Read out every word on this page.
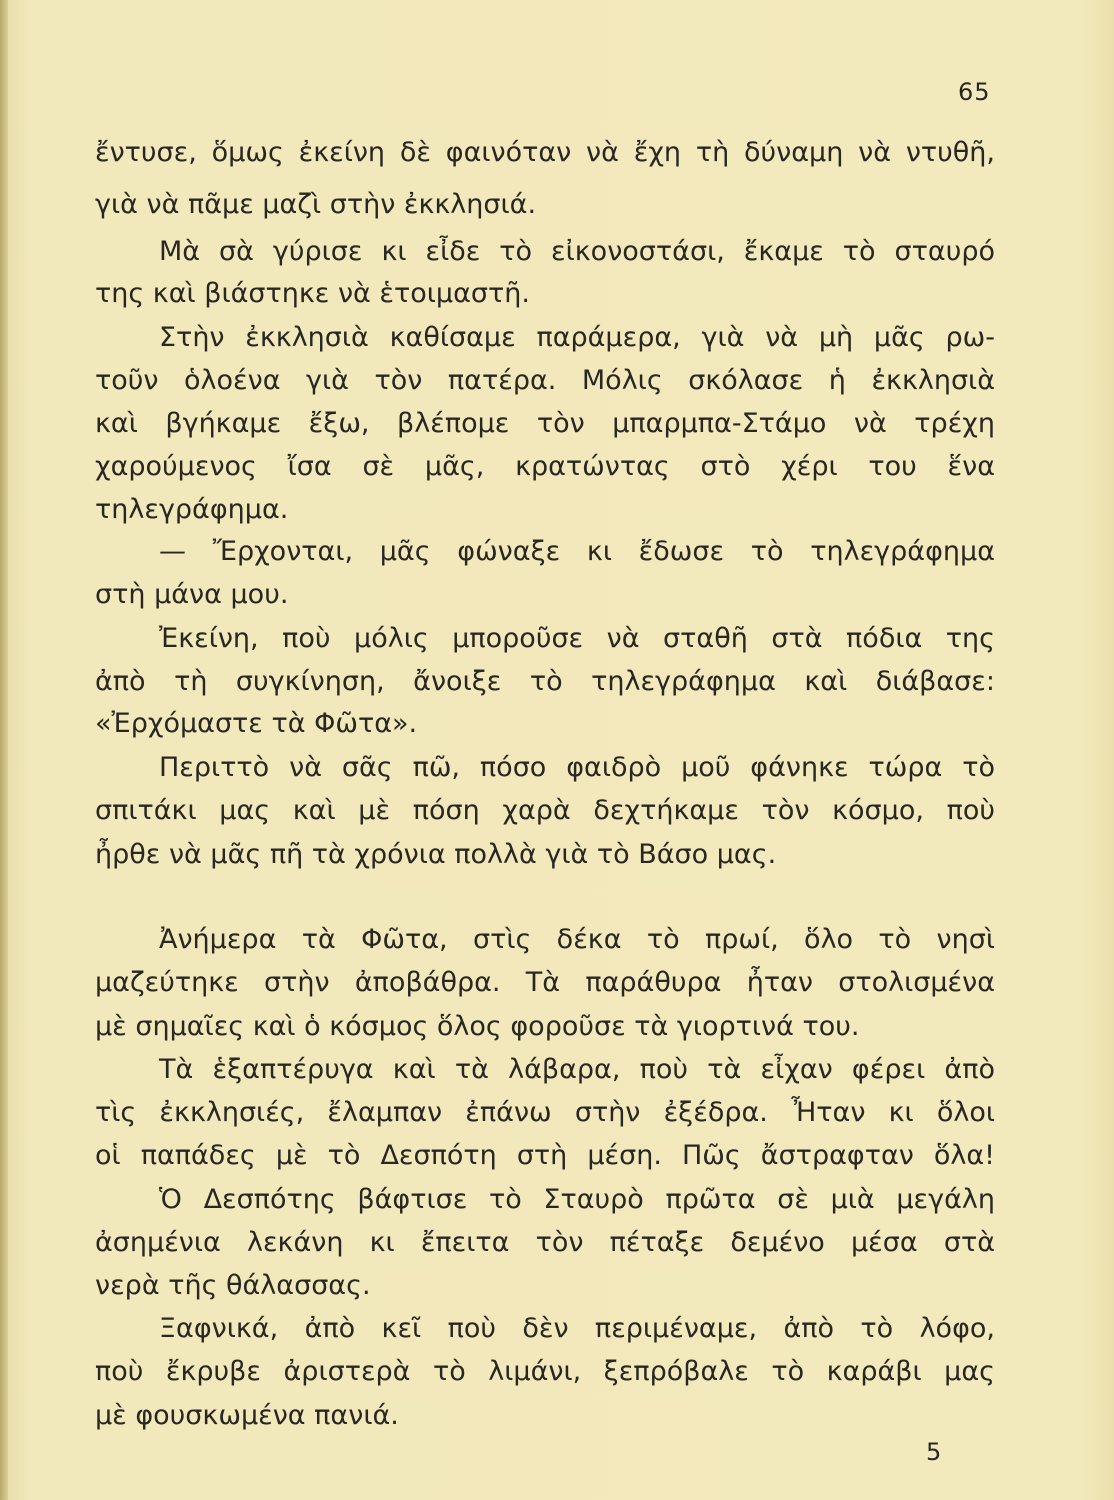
65
ἔντυσε, ὅμως ἐκείνη δὲ φαινόταν νὰ ἔχη τὴ δύναμη νὰ ντυθῆ,
γιὰ νὰ πᾶμε μαζὶ στὴν ἐκκλησιά.
Μὰ σὰ γύρισε κι εἶδε τὸ εἰκονοστάσι, ἔκαμε τὸ σταυρό
της καὶ βιάστηκε νὰ ἑτοιμαστῆ.
Στὴν ἐκκλησιὰ καθίσαμε παράμερα, γιὰ νὰ μὴ μᾶς ρω-
τοῦν ὁλοένα γιὰ τὸν πατέρα. Μόλις σκόλασε ἡ ἐκκλησιὰ
καὶ βγήκαμε ἔξω, βλέπομε τὸν μπαρμπα-Στάμο νὰ τρέχη
χαρούμενος ἴσα σὲ μᾶς, κρατώντας στὸ χέρι του ἕνα
τηλεγράφημα.
— Ἔρχονται, μᾶς φώναξε κι ἔδωσε τὸ τηλεγράφημα
στὴ μάνα μου.
Ἐκείνη, ποὺ μόλις μποροῦσε νὰ σταθῆ στὰ πόδια της
ἀπὸ τὴ συγκίνηση, ἄνοιξε τὸ τηλεγράφημα καὶ διάβασε:
«Ἐρχόμαστε τὰ Φῶτα».
Περιττὸ νὰ σᾶς πῶ, πόσο φαιδρὸ μοῦ φάνηκε τώρα τὸ
σπιτάκι μας καὶ μὲ πόση χαρὰ δεχτήκαμε τὸν κόσμο, ποὺ
ἦρθε νὰ μᾶς πῆ τὰ χρόνια πολλὰ γιὰ τὸ Βάσο μας.
Ἀνήμερα τὰ Φῶτα, στὶς δέκα τὸ πρωί, ὅλο τὸ νησὶ
μαζεύτηκε στὴν ἀποβάθρα. Τὰ παράθυρα ἦταν στολισμένα
μὲ σημαῖες καὶ ὁ κόσμος ὅλος φοροῦσε τὰ γιορτινά του.
Τὰ ἑξαπτέρυγα καὶ τὰ λάβαρα, ποὺ τὰ εἶχαν φέρει ἀπὸ
τὶς ἐκκλησιές, ἔλαμπαν ἐπάνω στὴν ἐξέδρα. Ἦταν κι ὅλοι
οἱ παπάδες μὲ τὸ Δεσπότη στὴ μέση. Πῶς ἄστραφταν ὅλα!
Ὁ Δεσπότης βάφτισε τὸ Σταυρὸ πρῶτα σὲ μιὰ μεγάλη
ἀσημένια λεκάνη κι ἔπειτα τὸν πέταξε δεμένο μέσα στὰ
νερὰ τῆς θάλασσας.
Ξαφνικά, ἀπὸ κεῖ ποὺ δὲν περιμέναμε, ἀπὸ τὸ λόφο,
ποὺ ἔκρυβε ἀριστερὰ τὸ λιμάνι, ξεπρόβαλε τὸ καράβι μας
μὲ φουσκωμένα πανιά.
5
